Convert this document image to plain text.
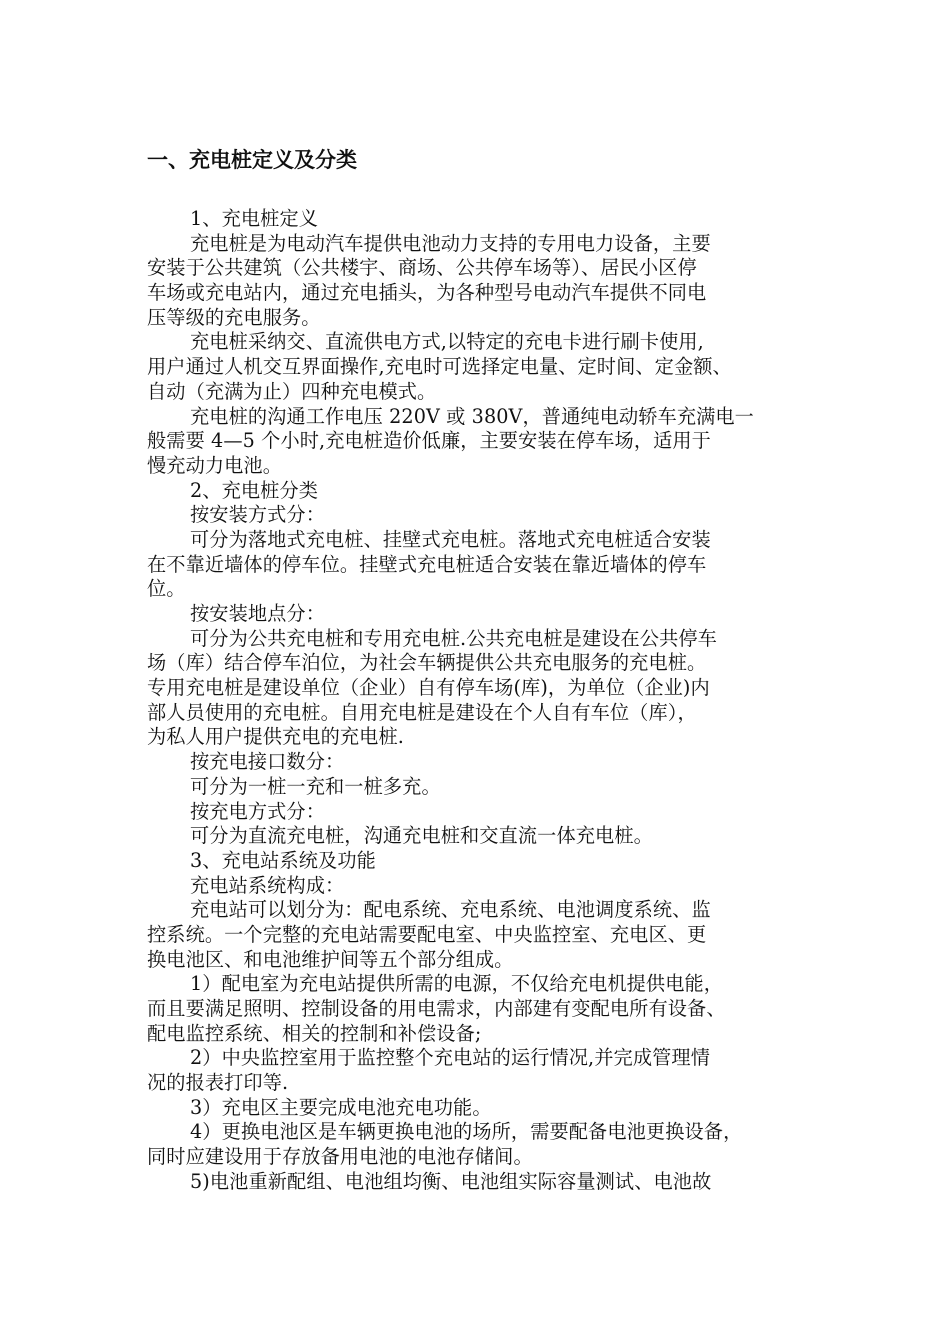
一、充电桩定义及分类
1、充电桩定义
充电桩是为电动汽车提供电池动力支持的专用电力设备，主要
安装于公共建筑（公共楼宇、商场、公共停车场等）、居民小区停
车场或充电站内，通过充电插头，为各种型号电动汽车提供不同电
压等级的充电服务。
充电桩采纳交、直流供电方式,以特定的充电卡进行刷卡使用,
用户通过人机交互界面操作,充电时可选择定电量、定时间、定金额、
自动（充满为止）四种充电模式。
充电桩的沟通工作电压 220V 或 380V，普通纯电动轿车充满电一
般需要 4—5 个小时,充电桩造价低廉，主要安装在停车场，适用于
慢充动力电池。
2、充电桩分类
按安装方式分：
可分为落地式充电桩、挂壁式充电桩。落地式充电桩适合安装
在不靠近墙体的停车位。挂壁式充电桩适合安装在靠近墙体的停车
位。
按安装地点分：
可分为公共充电桩和专用充电桩.公共充电桩是建设在公共停车
场（库）结合停车泊位，为社会车辆提供公共充电服务的充电桩。
专用充电桩是建设单位（企业）自有停车场(库)，为单位（企业)内
部人员使用的充电桩。自用充电桩是建设在个人自有车位（库），
为私人用户提供充电的充电桩.
按充电接口数分：
可分为一桩一充和一桩多充。
按充电方式分：
可分为直流充电桩，沟通充电桩和交直流一体充电桩。
3、充电站系统及功能
充电站系统构成：
充电站可以划分为：配电系统、充电系统、电池调度系统、监
控系统。一个完整的充电站需要配电室、中央监控室、充电区、更
换电池区、和电池维护间等五个部分组成。
1）配电室为充电站提供所需的电源，不仅给充电机提供电能，
而且要满足照明、控制设备的用电需求，内部建有变配电所有设备、
配电监控系统、相关的控制和补偿设备;
2）中央监控室用于监控整个充电站的运行情况,并完成管理情
况的报表打印等.
3）充电区主要完成电池充电功能。
4）更换电池区是车辆更换电池的场所，需要配备电池更换设备，
同时应建设用于存放备用电池的电池存储间。
5)电池重新配组、电池组均衡、电池组实际容量测试、电池故
